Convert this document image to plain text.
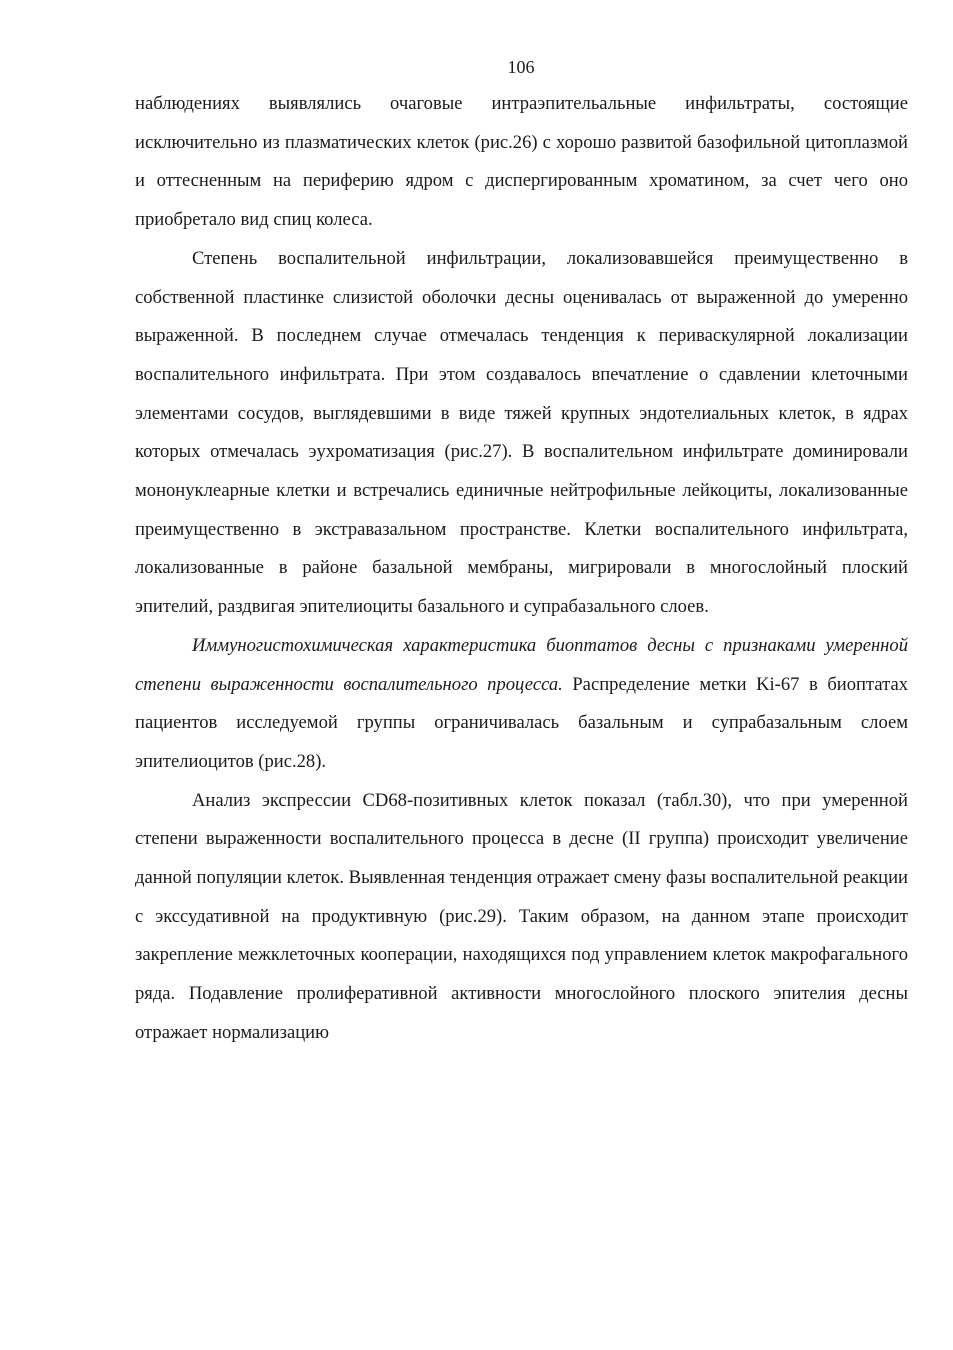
106

наблюдениях выявлялись очаговые интраэпительальные инфильтраты, состоящие исключительно из плазматических клеток (рис.26) с хорошо развитой базофильной цитоплазмой и оттесненным на периферию ядром с диспергированным хроматином, за счет чего оно приобретало вид спиц колеса.

Степень воспалительной инфильтрации, локализовавшейся преимущественно в собственной пластинке слизистой оболочки десны оценивалась от выраженной до умеренно выраженной. В последнем случае отмечалась тенденция к периваскулярной локализации воспалительного инфильтрата. При этом создавалось впечатление о сдавлении клеточными элементами сосудов, выглядевшими в виде тяжей крупных эндотелиальных клеток, в ядрах которых отмечалась эухроматизация (рис.27). В воспалительном инфильтрате доминировали мононуклеарные клетки и встречались единичные нейтрофильные лейкоциты, локализованные преимущественно в экстравазальном пространстве. Клетки воспалительного инфильтрата, локализованные в районе базальной мембраны, мигрировали в многослойный плоский эпителий, раздвигая эпителиоциты базального и супрабазального слоев.

Иммуногистохимическая характеристика биоптатов десны с признаками умеренной степени выраженности воспалительного процесса. Распределение метки Ki-67 в биоптатах пациентов исследуемой группы ограничивалась базальным и супрабазальным слоем эпителиоцитов (рис.28).

Анализ экспрессии CD68-позитивных клеток показал (табл.30), что при умеренной степени выраженности воспалительного процесса в десне (II группа) происходит увеличение данной популяции клеток. Выявленная тенденция отражает смену фазы воспалительной реакции с экссудативной на продуктивную (рис.29). Таким образом, на данном этапе происходит закрепление межклеточных кооперации, находящихся под управлением клеток макрофагального ряда. Подавление пролиферативной активности многослойного плоского эпителия десны отражает нормализацию
